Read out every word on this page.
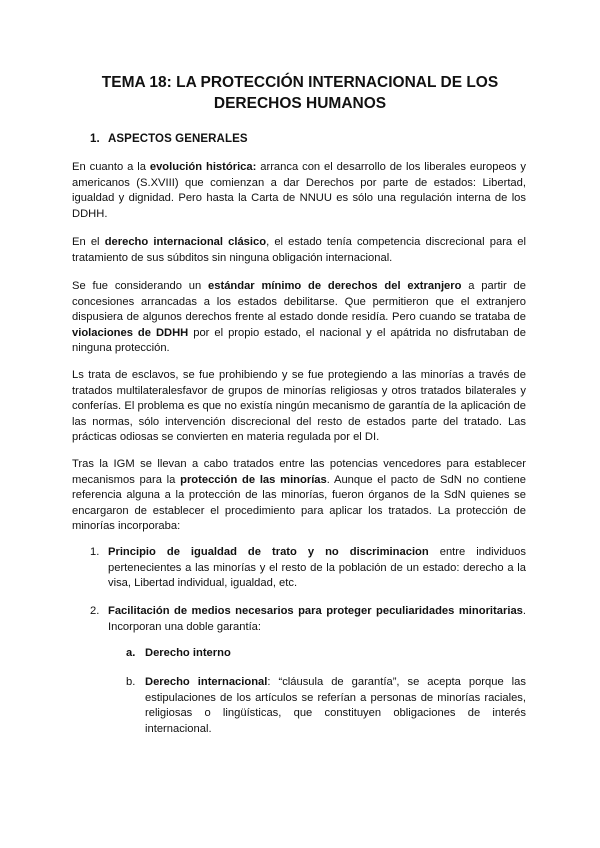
TEMA 18: LA PROTECCIÓN INTERNACIONAL DE LOS
DERECHOS HUMANOS
1. ASPECTOS GENERALES
En cuanto a la evolución histórica: arranca con el desarrollo de los liberales europeos y americanos (S.XVIII) que comienzan a dar Derechos por parte de estados: Libertad, igualdad y dignidad. Pero hasta la Carta de NNUU es sólo una regulación interna de los DDHH.
En el derecho internacional clásico, el estado tenía competencia discrecional para el tratamiento de sus súbditos sin ninguna obligación internacional.
Se fue considerando un estándar mínimo de derechos del extranjero a partir de concesiones arrancadas a los estados debilitarse. Que permitieron que el extranjero dispusiera de algunos derechos frente al estado donde residía. Pero cuando se trataba de violaciones de DDHH por el propio estado, el nacional y el apátrida no disfrutaban de ninguna protección.
Ls trata de esclavos, se fue prohibiendo y se fue protegiendo a las minorías a través de tratados multilateralesfavor de grupos de minorías religiosas y otros tratados bilaterales y conferías. El problema es que no existía ningún mecanismo de garantía de la aplicación de las normas, sólo intervención discrecional del resto de estados parte del tratado. Las prácticas odiosas se convierten en materia regulada por el DI.
Tras la IGM se llevan a cabo tratados entre las potencias vencedores para establecer mecanismos para la protección de las minorías. Aunque el pacto de SdN no contiene referencia alguna a la protección de las minorías, fueron órganos de la SdN quienes se encargaron de establecer el procedimiento para aplicar los tratados. La protección de minorías incorporaba:
1. Principio de igualdad de trato y no discriminacion entre individuos pertenecientes a las minorías y el resto de la población de un estado: derecho a la visa, Libertad individual, igualdad, etc.
2. Facilitación de medios necesarios para proteger peculiaridades minoritarias. Incorporan una doble garantía:
a. Derecho interno
b. Derecho internacional: “cláusula de garantía”, se acepta porque las estipulaciones de los artículos se referían a personas de minorías raciales, religiosas o lingüísticas, que constituyen obligaciones de interés internacional.
